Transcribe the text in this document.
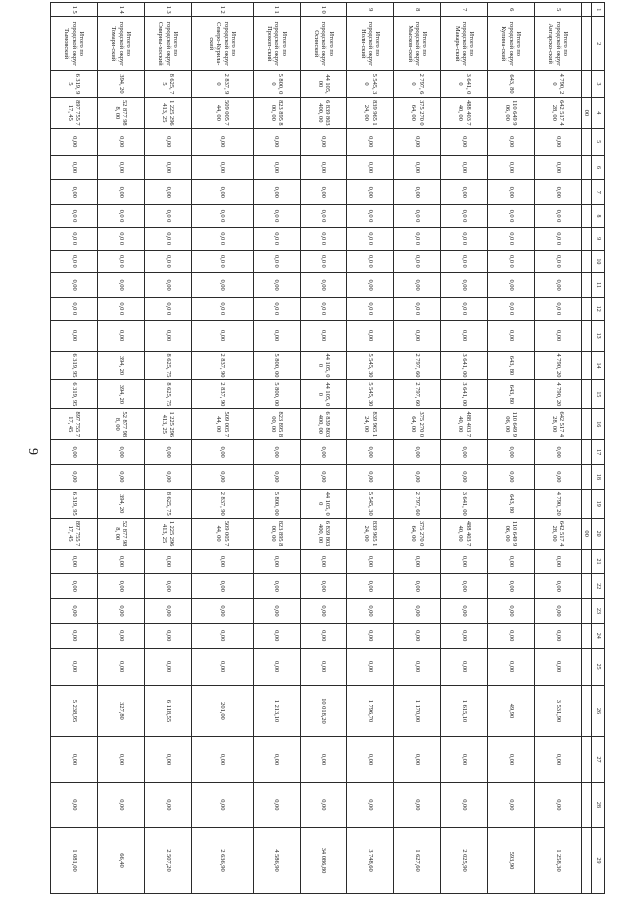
9
1	2	3	4	5	6	7	8	9	10	11	12	13	14	15	16	17	18	19	20	21	22	23	24	25	26	27	28	29
			00																00									
5	Итого по городской округ Ангарско-ский	4 790, 20	642 517 428, 00	0,00	0,00	0,00	0,0 0	0,0 0	0,0 0	0,00	0,0 0	0,00	4 790, 20	4 790, 20	642 517 428, 00	0,00	0,00	4 790, 20	642 517 428, 00	0,00	0,00	0,00	0,00	0,00	3 531,90	0,00	0,00	1 258,30
6	Итого по городской округ Купина-ский	643, 80	110 649 906, 00	0,00	0,00	0,00	0,0 0	0,0 0	0,0 0	0,00	0,0 0	0,00	643, 80	643, 80	110 649 906, 00	0,00	0,00	643, 80	110 649 906, 00	0,00	0,00	0,00	0,00	0,00	49,90	0,00	0,00	593,90
7	Итого по городской округ Макарь-ский	3 641, 00	488 403 740, 00	0,00	0,00	0,00	0,0 0	0,0 0	0,0 0	0,00	0,0 0	0,00	3 641, 00	3 641, 00	488 403 740, 00	0,00	0,00	3 641, 00	488 403 740, 00	0,00	0,00	0,00	0,00	0,00	1 615,10	0,00	0,00	2 025,90
8	Итого по городской округ Мысков-ский	2 797, 60	375 270 064, 00	0,00	0,00	0,00	0,0 0	0,0 0	0,0 0	0,00	0,0 0	0,00	2 797, 60	2 797, 60	375 270 064, 00	0,00	0,00	2 797, 60	375 270 064, 00	0,00	0,00	0,00	0,00	0,00	1 170,00	0,00	0,00	1 627,60
9	Итого по городской округ Ноли-ский	5 545, 30	839 965 124, 00	0,00	0,00	0,00	0,0 0	0,0 0	0,0 0	0,00	0,0 0	0,00	5 545, 30	5 545, 30	839 965 124, 00	0,00	0,00	5 545, 30	839 965 124, 00	0,00	0,00	0,00	0,00	0,00	1 796,70	0,00	0,00	3 748,60
1 0	Итого по городской округ Осинский	44 105, 00	6 839 803 400, 00	0,00	0,00	0,00	0,0 0	0,0 0	0,0 0	0,00	0,0 0	0,00	44 105, 00	44 105, 00	6 839 803 400, 00	0,00	0,00	44 105, 00	6 839 803 400, 00	0,00	0,00	0,00	0,00	0,00	10 018,20	0,00	0,00	34 086,80
1 1	Итого по городской округ Прокоп-ский	5 800, 00	823 895 800, 00	0,00	0,00	0,00	0,0 0	0,0 0	0,0 0	0,00	0,0 0	0,00	5 800, 00	5 800, 00	823 895 800, 00	0,00	0,00	5 800, 00	823 895 800, 00	0,00	0,00	0,00	0,00	0,00	1 213,10	0,00	0,00	4 586,90
1 2	Итого по городской округ Северо-Курила-ский	2 837, 90	509 005 744, 00	0,00	0,00	0,00	0,0 0	0,0 0	0,0 0	0,00	0,0 0	0,00	2 837, 90	2 837, 90	509 005 744, 00	0,00	0,00	2 837, 90	509 005 744, 00	0,00	0,00	0,00	0,00	0,00	201,00	0,00	0,00	2 636,90
1 3	Итого по городской округ Смирны-хоский	8 625, 75	1 225 296 413, 25	0,00	0,00	0,00	0,0 0	0,0 0	0,0 0	0,00	0,0 0	0,00	8 625, 75	8 625, 75	1 225 296 413, 25	0,00	0,00	8 625, 75	1 225 296 413, 25	0,00	0,00	0,00	0,00	0,00	6 118,55	0,00	0,00	2 507,20
1 4	Итого по городской округ Томари-ский	394, 20	52 877 988, 00	0,00	0,00	0,00	0,0 0	0,0 0	0,0 0	0,00	0,0 0	0,00	394, 20	394, 20	52 877 988, 00	0,00	0,00	394, 20	52 877 988, 00	0,00	0,00	0,00	0,00	0,00	327,80	0,00	0,00	66,40
1 5	Итого по городской округ Тымовский	6 319, 95	897 755 717, 45	0,00	0,00	0,00	0,0 0	0,0 0	0,0 0	0,00	0,0 0	0,00	6 319, 95	6 319, 95	897 755 717, 45	0,00	0,00	6 319, 95	897 755 717, 45	0,00	0,00	0,00	0,00	0,00	5 238,95	0,00	0,00	1 081,00
